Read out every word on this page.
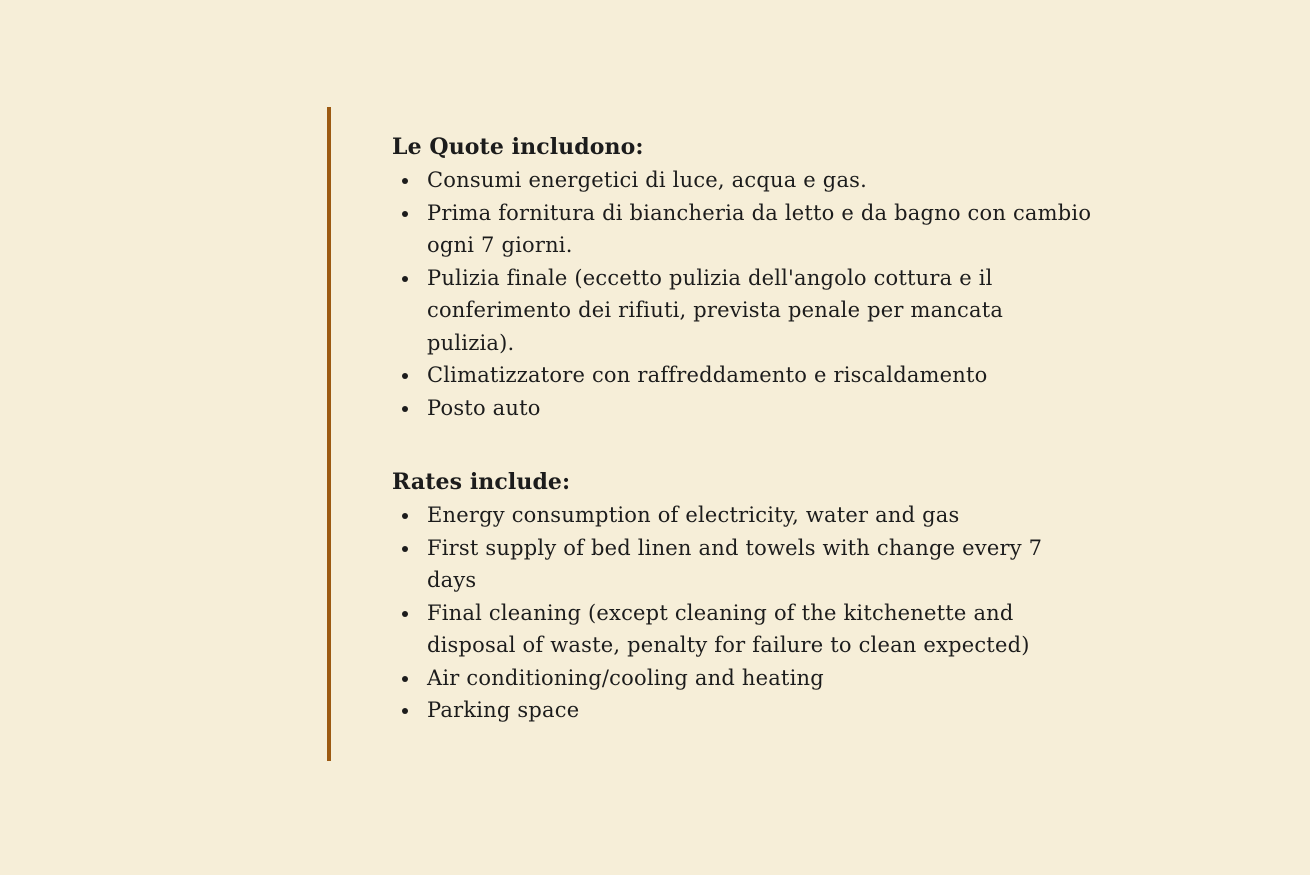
Le Quote includono:
Consumi energetici di luce, acqua e gas.
Prima fornitura di biancheria da letto e da bagno con cambio ogni 7 giorni.
Pulizia finale (eccetto pulizia dell'angolo cottura e il conferimento dei rifiuti, prevista penale per mancata pulizia).
Climatizzatore con raffreddamento e riscaldamento
Posto auto
Rates include:
Energy consumption of electricity, water and gas
First supply of bed linen and towels with change every 7 days
Final cleaning (except cleaning of the kitchenette and disposal of waste, penalty for failure to clean expected)
Air conditioning/cooling and heating
Parking space
